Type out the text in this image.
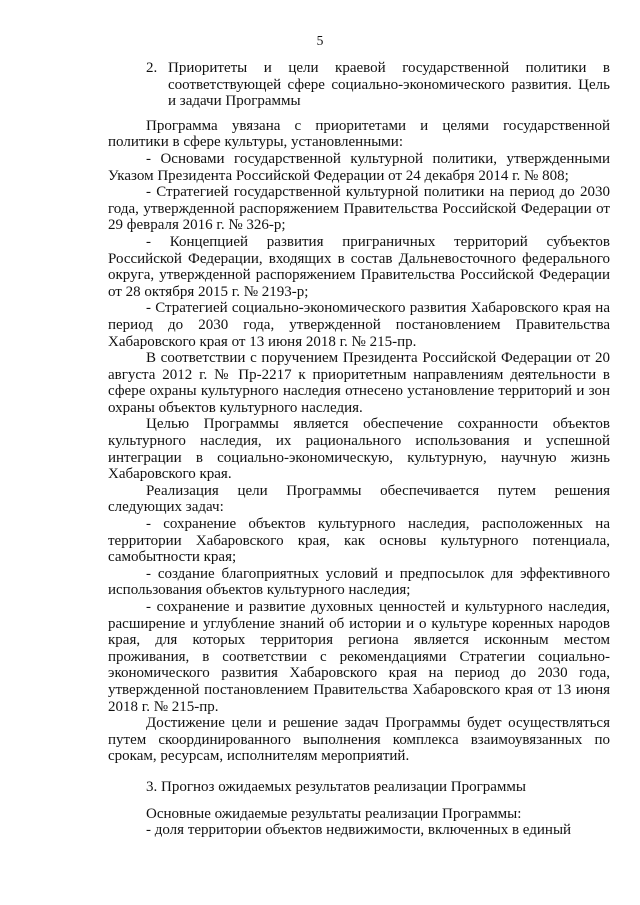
5
2. Приоритеты и цели краевой государственной политики в соответствующей сфере социально-экономического развития. Цель и задачи Программы

Программа увязана с приоритетами и целями государственной политики в сфере культуры, установленными:

- Основами государственной культурной политики, утвержденными Указом Президента Российской Федерации от 24 декабря 2014 г. № 808;

- Стратегией государственной культурной политики на период до 2030 года, утвержденной распоряжением Правительства Российской Федерации от 29 февраля 2016 г. № 326-р;

- Концепцией развития приграничных территорий субъектов Российской Федерации, входящих в состав Дальневосточного федерального округа, утвержденной распоряжением Правительства Российской Федерации от 28 октября 2015 г. № 2193-р;

- Стратегией социально-экономического развития Хабаровского края на период до 2030 года, утвержденной постановлением Правительства Хабаровского края от 13 июня 2018 г. № 215-пр.

В соответствии с поручением Президента Российской Федерации от 20 августа 2012 г. № Пр-2217 к приоритетным направлениям деятельности в сфере охраны культурного наследия отнесено установление территорий и зон охраны объектов культурного наследия.

Целью Программы является обеспечение сохранности объектов культурного наследия, их рационального использования и успешной интеграции в социально-экономическую, культурную, научную жизнь Хабаровского края.

Реализация цели Программы обеспечивается путем решения следующих задач:

- сохранение объектов культурного наследия, расположенных на территории Хабаровского края, как основы культурного потенциала, самобытности края;

- создание благоприятных условий и предпосылок для эффективного использования объектов культурного наследия;

- сохранение и развитие духовных ценностей и культурного наследия, расширение и углубление знаний об истории и о культуре коренных народов края, для которых территория региона является исконным местом проживания, в соответствии с рекомендациями Стратегии социально-экономического развития Хабаровского края на период до 2030 года, утвержденной постановлением Правительства Хабаровского края от 13 июня 2018 г. № 215-пр.

Достижение цели и решение задач Программы будет осуществляться путем скоординированного выполнения комплекса взаимоувязанных по срокам, ресурсам, исполнителям мероприятий.

3. Прогноз ожидаемых результатов реализации Программы

Основные ожидаемые результаты реализации Программы:

- доля территории объектов недвижимости, включенных в единый
